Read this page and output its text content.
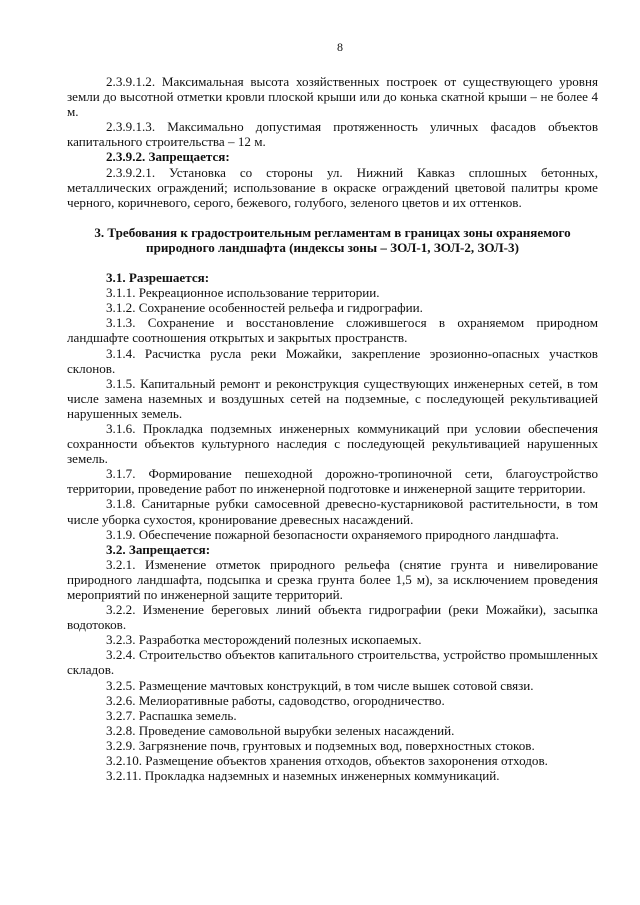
8

2.3.9.1.2. Максимальная высота хозяйственных построек от существующего уровня земли до высотной отметки кровли плоской крыши или до конька скатной крыши – не более 4 м.

2.3.9.1.3. Максимально допустимая протяженность уличных фасадов объектов капитального строительства – 12 м.

2.3.9.2. Запрещается:

2.3.9.2.1. Установка со стороны ул. Нижний Кавказ сплошных бетонных, металлических ограждений; использование в окраске ограждений цветовой палитры кроме черного, коричневого, серого, бежевого, голубого, зеленого цветов и их оттенков.

3. Требования к градостроительным регламентам в границах зоны охраняемого природного ландшафта (индексы зоны – ЗОЛ-1, ЗОЛ-2, ЗОЛ-3)

3.1. Разрешается:

3.1.1. Рекреационное использование территории.

3.1.2. Сохранение особенностей рельефа и гидрографии.

3.1.3. Сохранение и восстановление сложившегося в охраняемом природном ландшафте соотношения открытых и закрытых пространств.

3.1.4. Расчистка русла реки Можайки, закрепление эрозионно-опасных участков склонов.

3.1.5. Капитальный ремонт и реконструкция существующих инженерных сетей, в том числе замена наземных и воздушных сетей на подземные, с последующей рекультивацией нарушенных земель.

3.1.6. Прокладка подземных инженерных коммуникаций при условии обеспечения сохранности объектов культурного наследия с последующей рекультивацией нарушенных земель.

3.1.7. Формирование пешеходной дорожно-тропиночной сети, благоустройство территории, проведение работ по инженерной подготовке и инженерной защите территории.

3.1.8. Санитарные рубки самосевной древесно-кустарниковой растительности, в том числе уборка сухостоя, кронирование древесных насаждений.

3.1.9. Обеспечение пожарной безопасности охраняемого природного ландшафта.

3.2. Запрещается:

3.2.1. Изменение отметок природного рельефа (снятие грунта и нивелирование природного ландшафта, подсыпка и срезка грунта более 1,5 м), за исключением проведения мероприятий по инженерной защите территорий.

3.2.2. Изменение береговых линий объекта гидрографии (реки Можайки), засыпка водотоков.

3.2.3. Разработка месторождений полезных ископаемых.

3.2.4. Строительство объектов капитального строительства, устройство промышленных складов.

3.2.5. Размещение мачтовых конструкций, в том числе вышек сотовой связи.

3.2.6. Мелиоративные работы, садоводство, огородничество.

3.2.7. Распашка земель.

3.2.8. Проведение самовольной вырубки зеленых насаждений.

3.2.9. Загрязнение почв, грунтовых и подземных вод, поверхностных стоков.

3.2.10. Размещение объектов хранения отходов, объектов захоронения отходов.

3.2.11. Прокладка надземных и наземных инженерных коммуникаций.
